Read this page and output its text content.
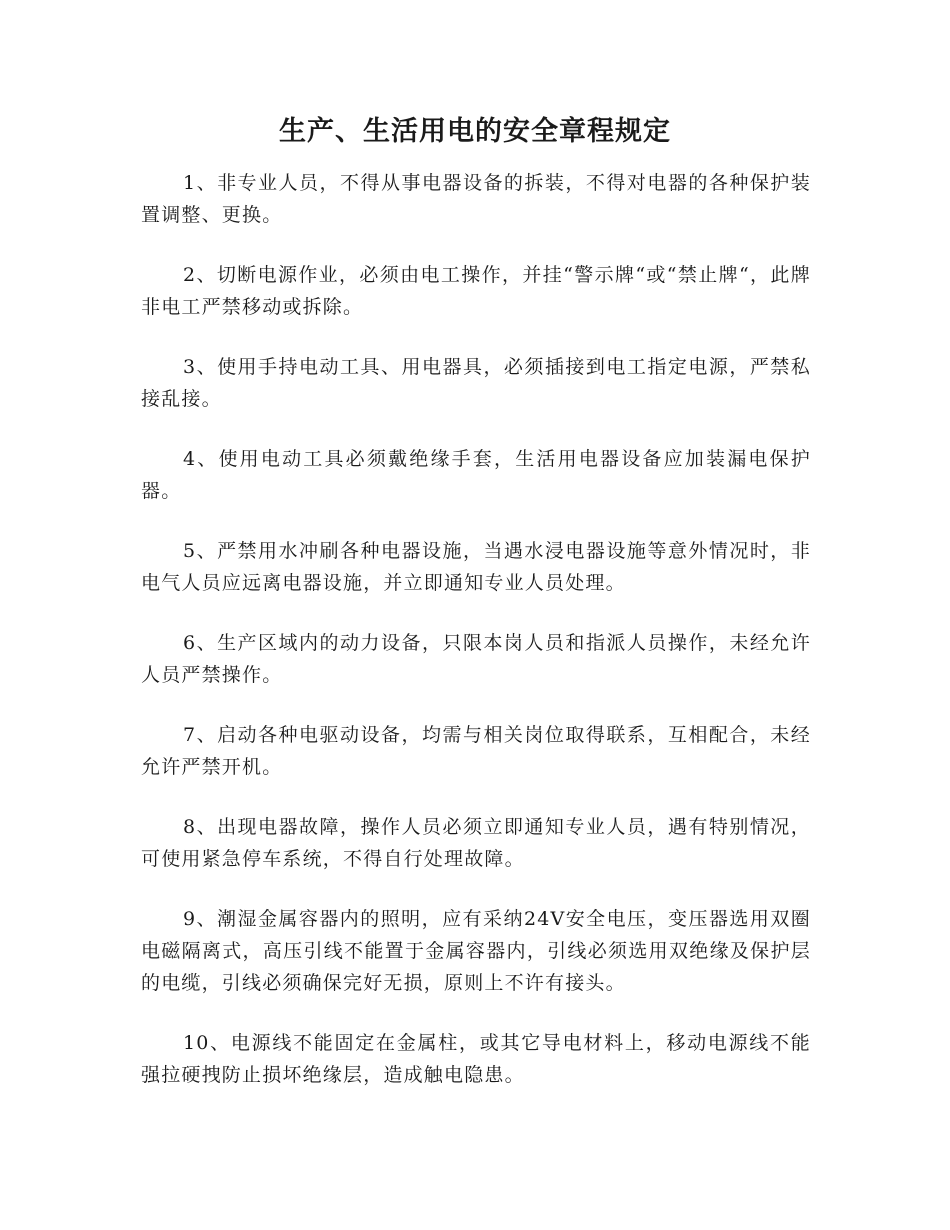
生产、生活用电的安全章程规定

1、非专业人员，不得从事电器设备的拆装，不得对电器的各种保护装置调整、更换。

2、切断电源作业，必须由电工操作，并挂“警示牌“或“禁止牌“，此牌非电工严禁移动或拆除。

3、使用手持电动工具、用电器具，必须插接到电工指定电源，严禁私接乱接。

4、使用电动工具必须戴绝缘手套，生活用电器设备应加装漏电保护器。

5、严禁用水冲刷各种电器设施，当遇水浸电器设施等意外情况时，非电气人员应远离电器设施，并立即通知专业人员处理。

6、生产区域内的动力设备，只限本岗人员和指派人员操作，未经允许人员严禁操作。

7、启动各种电驱动设备，均需与相关岗位取得联系，互相配合，未经允许严禁开机。

8、出现电器故障，操作人员必须立即通知专业人员，遇有特别情况，可使用紧急停车系统，不得自行处理故障。

9、潮湿金属容器内的照明，应有采纳24V安全电压，变压器选用双圈电磁隔离式，高压引线不能置于金属容器内，引线必须选用双绝缘及保护层的电缆，引线必须确保完好无损，原则上不许有接头。

10、电源线不能固定在金属柱，或其它导电材料上，移动电源线不能强拉硬拽防止损坏绝缘层，造成触电隐患。
